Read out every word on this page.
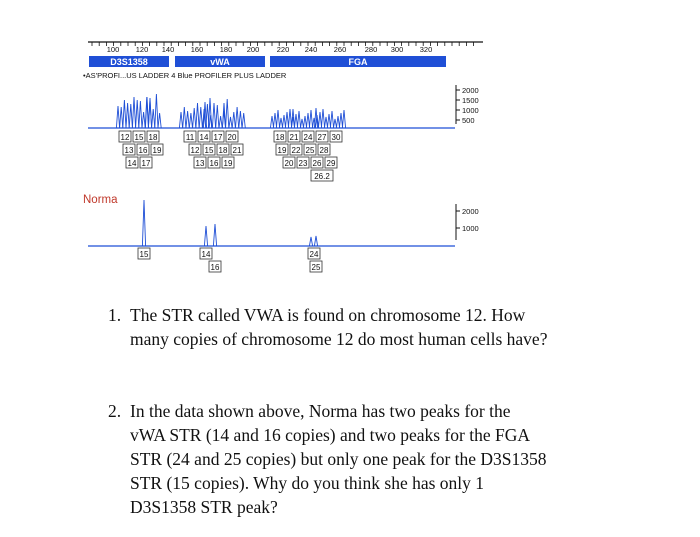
100 120 140 160 180 200 220 240 260 280 300 320
D3S1358	vWA	FGA
•AS'PROFI...US LADDER 4 Blue PROFILER PLUS LADDER
2000
1500
1000
500
12 15 18
13 16 19
14 17
11 14 17 20
12 15 18 21
13 16 19
18 21 24 27 30
19 22 25 28
20 23 26 29
26.2
Norma
2000
1000
15	14
16
24
25
1. The STR called VWA is found on chromosome 12. How
many copies of chromosome 12 do most human cells have?
2. In the data shown above, Norma has two peaks for the
vWA STR (14 and 16 copies) and two peaks for the FGA
STR (24 and 25 copies) but only one peak for the D3S1358
STR (15 copies). Why do you think she has only 1
D3S1358 STR peak?
